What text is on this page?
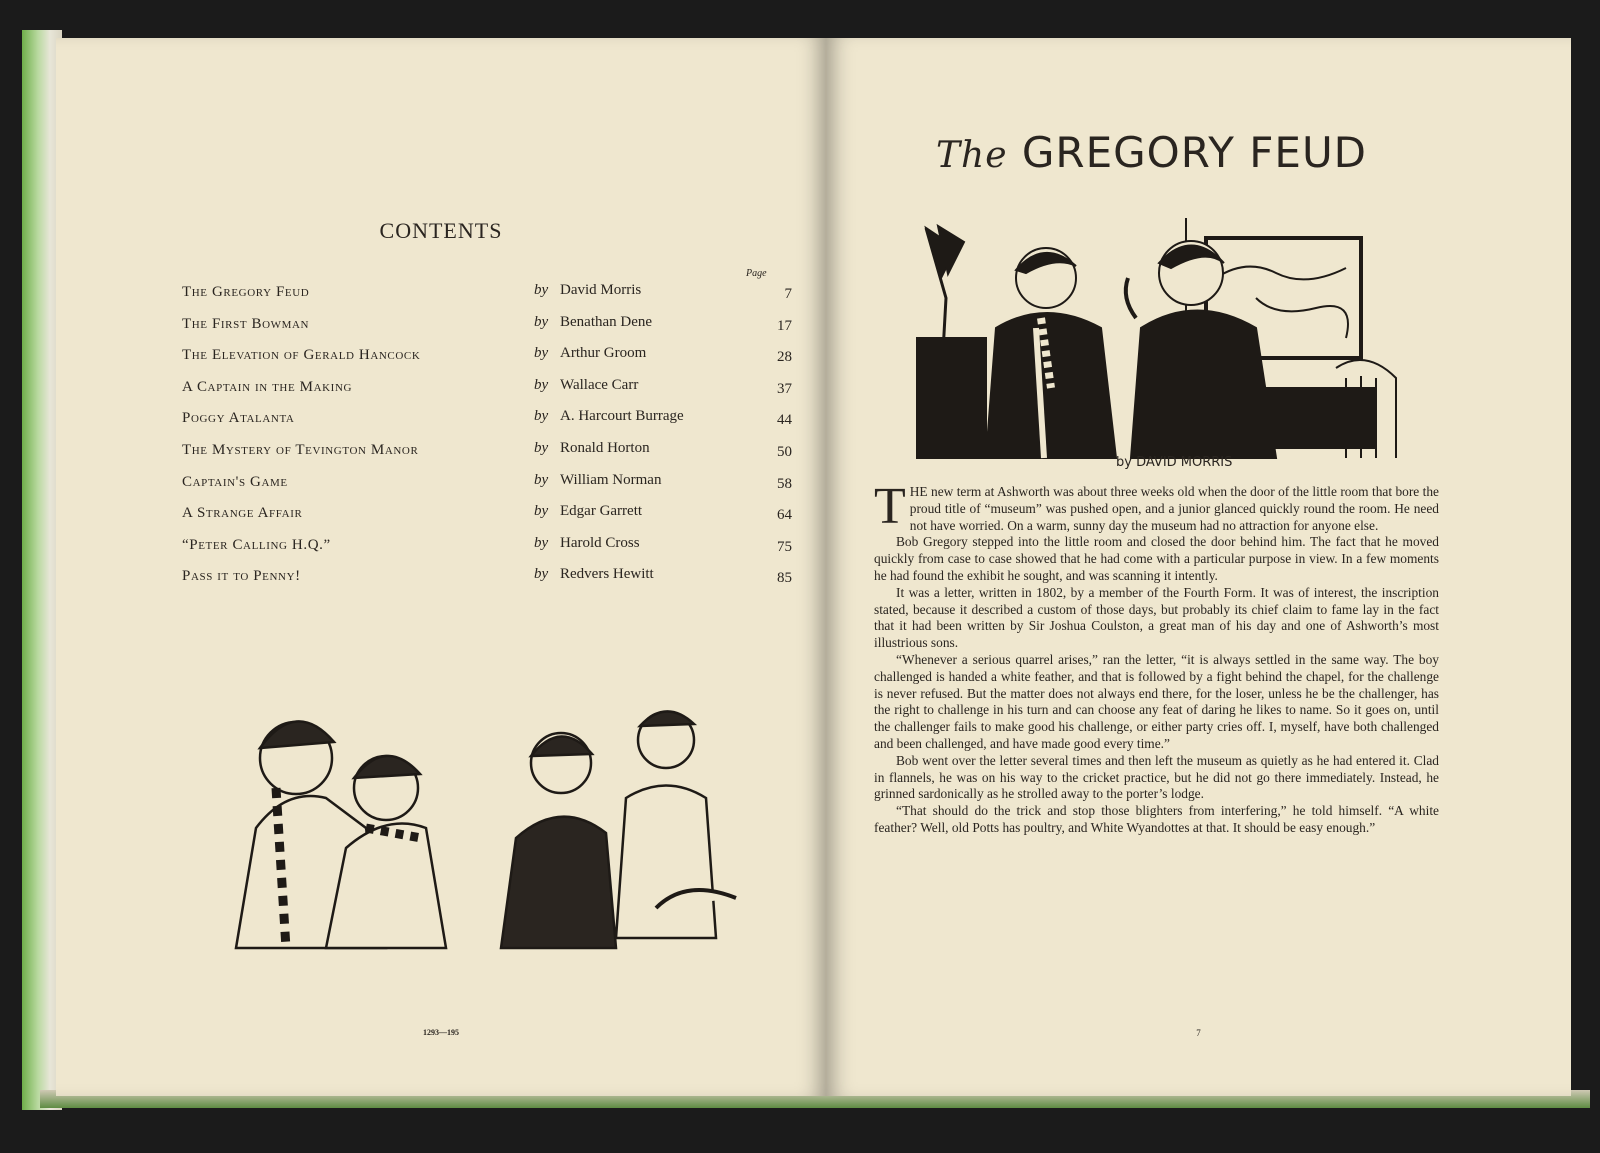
CONTENTS
Page
The Gregory Feud	by David Morris	7
The First Bowman	by Benathan Dene	17
The Elevation of Gerald Hancock	by Arthur Groom	28
A Captain in the Making	by Wallace Carr	37
Poggy Atalanta	by A. Harcourt Burrage	44
The Mystery of Tevington Manor	by Ronald Horton	50
Captain's Game	by William Norman	58
A Strange Affair	by Edgar Garrett	64
“Peter Calling H.Q.”	by Harold Cross	75
Pass it to Penny!	by Redvers Hewitt	85
1293—195
The GREGORY FEUD
by DAVID MORRIS

THE new term at Ashworth was about three weeks old when the door of the little room that bore the proud title of “museum” was pushed open, and a junior glanced quickly round the room. He need not have worried. On a warm, sunny day the museum had no attraction for anyone else.

Bob Gregory stepped into the little room and closed the door behind him. The fact that he moved quickly from case to case showed that he had come with a particular purpose in view. In a few moments he had found the exhibit he sought, and was scanning it intently.

It was a letter, written in 1802, by a member of the Fourth Form. It was of interest, the inscription stated, because it described a custom of those days, but probably its chief claim to fame lay in the fact that it had been written by Sir Joshua Coulston, a great man of his day and one of Ashworth’s most illustrious sons.

“Whenever a serious quarrel arises,” ran the letter, “it is always settled in the same way. The boy challenged is handed a white feather, and that is followed by a fight behind the chapel, for the challenge is never refused. But the matter does not always end there, for the loser, unless he be the challenger, has the right to challenge in his turn and can choose any feat of daring he likes to name. So it goes on, until the challenger fails to make good his challenge, or either party cries off. I, myself, have both challenged and been challenged, and have made good every time.”

Bob went over the letter several times and then left the museum as quietly as he had entered it. Clad in flannels, he was on his way to the cricket practice, but he did not go there immediately. Instead, he grinned sardonically as he strolled away to the porter’s lodge.

“That should do the trick and stop those blighters from interfering,” he told himself. “A white feather? Well, old Potts has poultry, and White Wyandottes at that. It should be easy enough.”

7
